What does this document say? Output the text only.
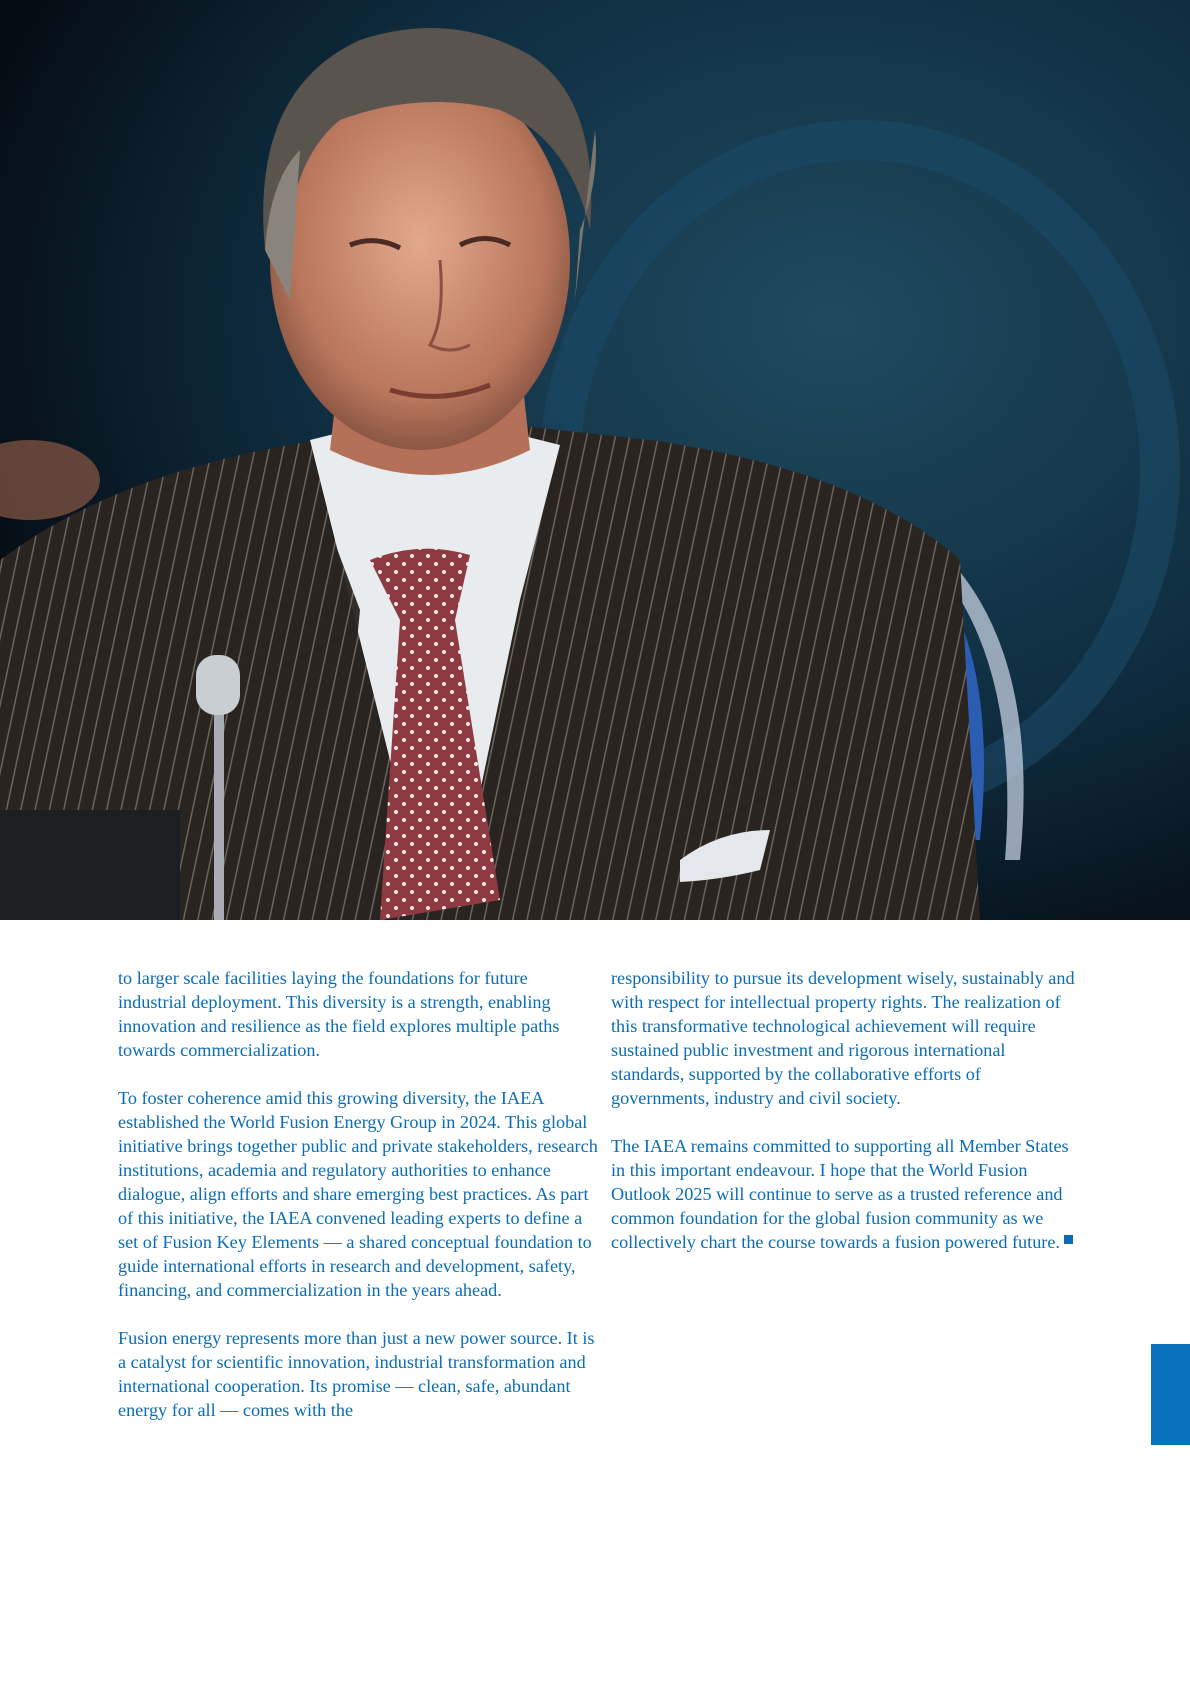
to larger scale facilities laying the foundations for future industrial deployment. This diversity is a strength, enabling innovation and resilience as the field explores multiple paths towards commercialization.

To foster coherence amid this growing diversity, the IAEA established the World Fusion Energy Group in 2024. This global initiative brings together public and private stakeholders, research institutions, academia and regulatory authorities to enhance dialogue, align efforts and share emerging best practices. As part of this initiative, the IAEA convened leading experts to define a set of Fusion Key Elements — a shared conceptual foundation to guide international efforts in research and development, safety, financing, and commercialization in the years ahead.

Fusion energy represents more than just a new power source. It is a catalyst for scientific innovation, industrial transformation and international cooperation. Its promise — clean, safe, abundant energy for all — comes with the

responsibility to pursue its development wisely, sustainably and with respect for intellectual property rights. The realization of this transformative technological achievement will require sustained public investment and rigorous international standards, supported by the collaborative efforts of governments, industry and civil society.

The IAEA remains committed to supporting all Member States in this important endeavour. I hope that the World Fusion Outlook 2025 will continue to serve as a trusted reference and common foundation for the global fusion community as we collectively chart the course towards a fusion powered future.
